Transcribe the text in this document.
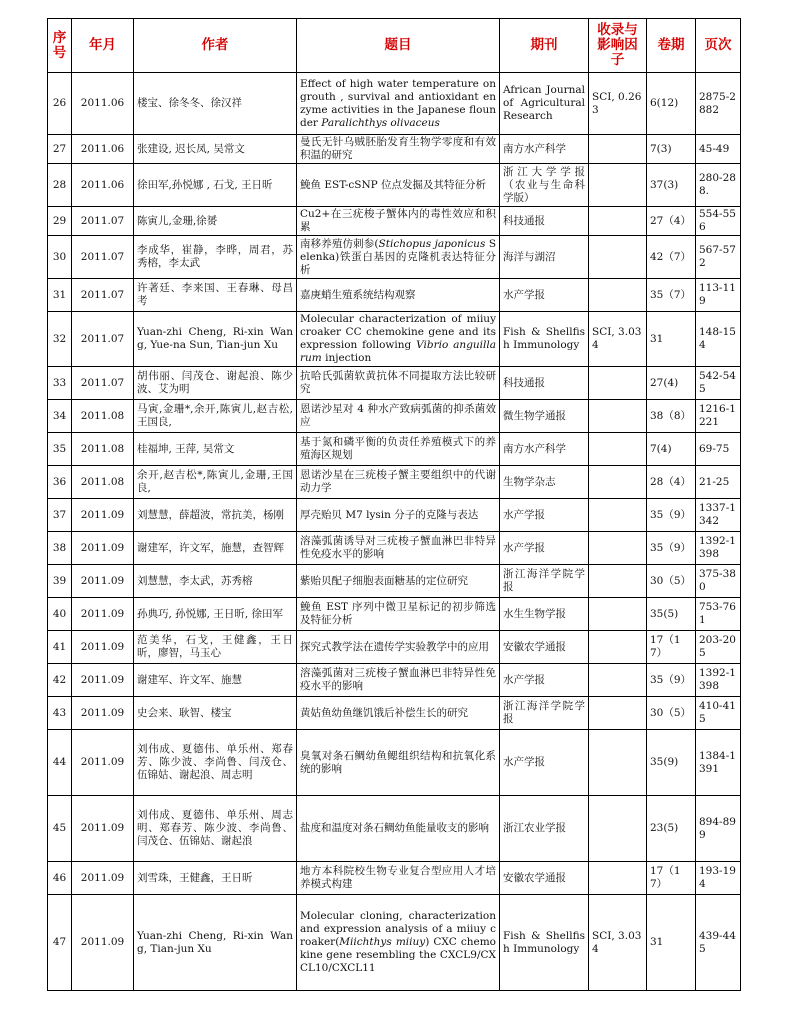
序号	年月	作者	题目	期刊	收录与影响因子	卷期	页次
26	2011.06	楼宝、徐冬冬、徐汉祥	Effect of high water temperature on grouth , survival and antioxidant enzyme activities in the Japanese flounder Paralichthys olivaceus	African Journal of Agricultural Research	SCI, 0.263	6(12)	2875-2882
27	2011.06	张建设, 迟长凤, 吴常文	曼氏无针乌贼胚胎发育生物学零度和有效积温的研究	南方水产科学		7(3)	45-49
28	2011.06	徐田军,孙悦娜 , 石戈, 王日昕	鮸鱼 EST-cSNP 位点发掘及其特征分析	浙江大学学报（农业与生命科学版）		37(3)	280-288.
29	2011.07	陈寅儿,金珊,徐赟	Cu2+在三疣梭子蟹体内的毒性效应和积累	科技通报		27（4）	554-556
30	2011.07	李成华，崔静，李晔，周君，苏秀榕，李太武	南移养殖仿刺参(Stichopus japonicus Selenka)铁蛋白基因的克隆机表达特征分析	海洋与湖沼		42（7）	567-572
31	2011.07	许著廷、李来国、王春琳、母昌考	嘉庚蛸生殖系统结构观察	水产学报		35（7）	113-119
32	2011.07	Yuan-zhi Cheng, Ri-xin Wang, Yue-na Sun, Tian-jun Xu	Molecular characterization of miiuy croaker CC chemokine gene and itsexpression following Vibrio anguillarum injection	Fish & Shellfish Immunology	SCI, 3.034	31	148-154
33	2011.07	胡伟丽、闫茂仓、谢起浪、陈少波、艾为明	抗哈氏弧菌软黄抗体不同提取方法比较研究	科技通报		27(4)	542-545
34	2011.08	马寅,金珊*,余开,陈寅儿,赵吉松,王国良,	恩诺沙星对 4 种水产致病弧菌的抑杀菌效应	微生物学通报		38（8）	1216-1221
35	2011.08	桂福坤, 王萍, 吴常文	基于氮和磷平衡的负责任养殖模式下的养殖海区规划	南方水产科学		7(4)	69-75
36	2011.08	余开,赵吉松*,陈寅儿,金珊,王国良,	恩诺沙星在三疣梭子蟹主要组织中的代谢动力学	生物学杂志		28（4）	21-25
37	2011.09	刘慧慧，薛超波，常抗美，杨刚	厚壳贻贝 M7 lysin 分子的克隆与表达	水产学报		35（9）	1337-1342
38	2011.09	谢建军，许文军，施慧，查智辉	溶藻弧菌诱导对三疣梭子蟹血淋巴非特异性免疫水平的影响	水产学报		35（9）	1392-1398
39	2011.09	刘慧慧，李太武，苏秀榕	紫贻贝配子细胞表面糖基的定位研究	浙江海洋学院学报		30（5）	375-380
40	2011.09	孙典巧, 孙悦娜, 王日昕, 徐田军	鮸鱼 EST 序列中微卫星标记的初步筛选及特征分析	水生生物学报		35(5)	753-761
41	2011.09	范美华，石戈，王健鑫，王日昕，廖智，马玉心	探究式教学法在遗传学实验教学中的应用	安徽农学通报		17（17）	203-205
42	2011.09	谢建军、许文军、施慧	溶藻弧菌对三疣梭子蟹血淋巴非特异性免疫水平的影响	水产学报		35（9）	1392-1398
43	2011.09	史会来、耿智、楼宝	黄姑鱼幼鱼继饥饿后补偿生长的研究	浙江海洋学院学报		30（5）	410-415
44	2011.09	刘伟成、夏德伟、单乐州、郑春芳、陈少波、李尚鲁、闫茂仓、伍锦姑、谢起浪、周志明	臭氧对条石鲷幼鱼鳃组织结构和抗氧化系统的影响	水产学报		35(9)	1384-1391
45	2011.09	刘伟成、夏德伟、单乐州、周志明、郑春芳、陈少波、李尚鲁、闫茂仓、伍锦姑、谢起浪	盐度和温度对条石鲷幼鱼能量收支的影响	浙江农业学报		23(5)	894-899
46	2011.09	刘雪珠，王健鑫，王日昕	地方本科院校生物专业复合型应用人才培养模式构建	安徽农学通报		17（17）	193-194
47	2011.09	Yuan-zhi Cheng, Ri-xin Wang, Tian-jun Xu	Molecular cloning, characterization and expression analysis of a miiuy croaker(Miichthys miiuy) CXC chemokine gene resembling the CXCL9/CXCL10/CXCL11	Fish & Shellfish Immunology	SCI, 3.034	31	439-445
